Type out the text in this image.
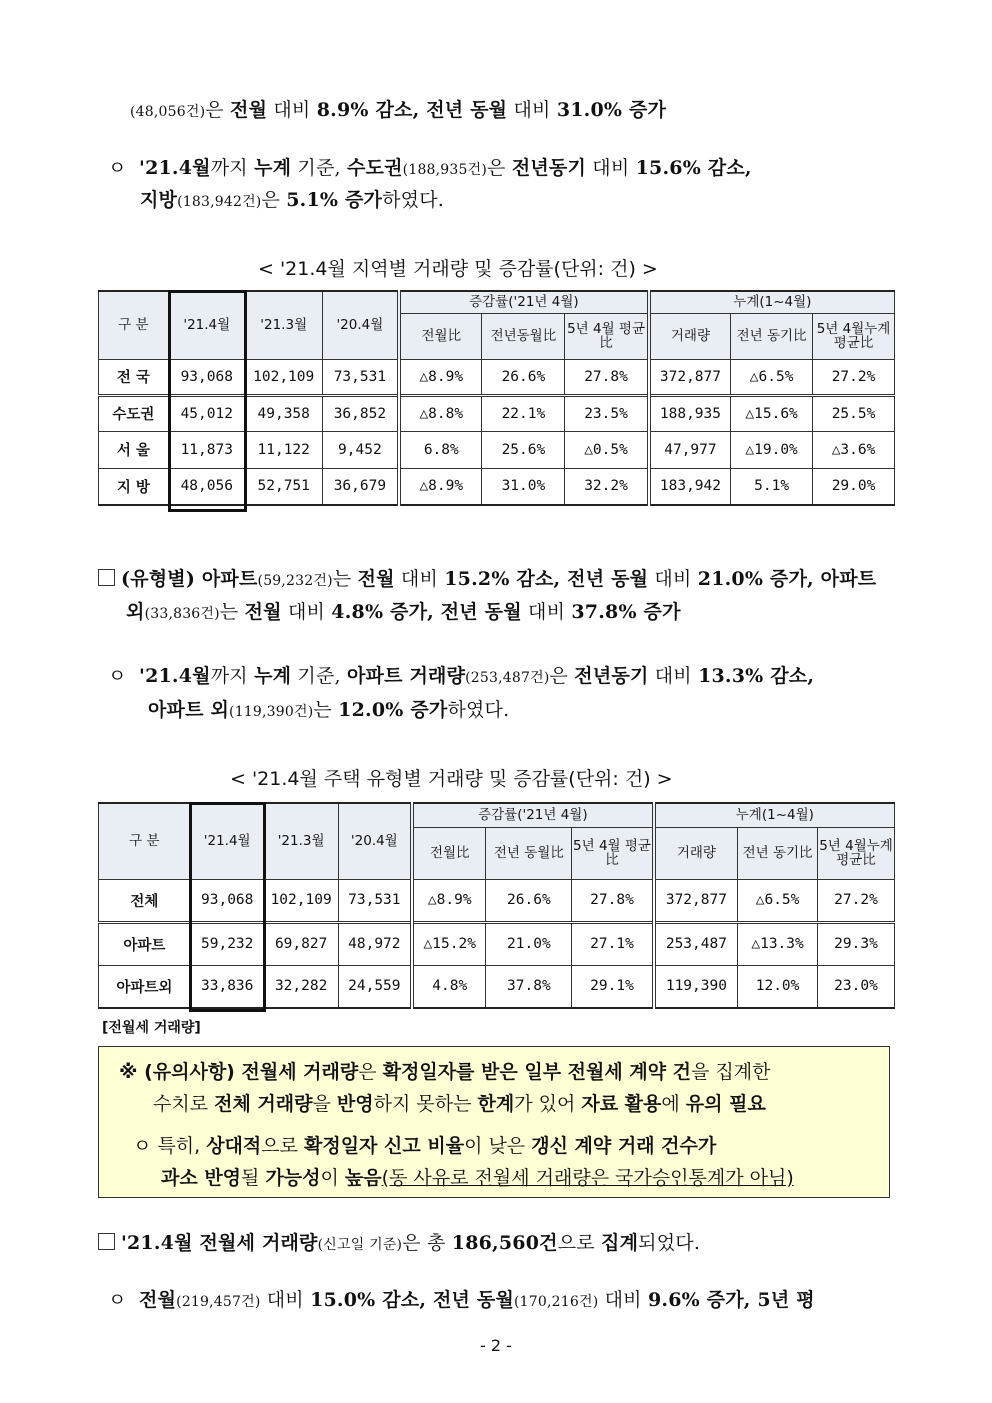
(48,056건)은 전월 대비 8.9% 감소, 전년 동월 대비 31.0% 증가
ㅇ '21.4월까지 누계 기준, 수도권(188,935건)은 전년동기 대비 15.6% 감소,
지방(183,942건)은 5.1% 증가하였다.
< '21.4월 지역별 거래량 및 증감률(단위: 건) >
구 분	'21.4월	'21.3월	'20.4월	증감률('21년 4월)			누계(1~4월)		
				전월比	전년동월比	5년 4월 평균比	거래량	전년 동기比	5년 4월누계평균比
전 국	93,068	102,109	73,531	△8.9%	26.6%	27.8%	372,877	△6.5%	27.2%
수도권	45,012	49,358	36,852	△8.8%	22.1%	23.5%	188,935	△15.6%	25.5%
서 울	11,873	11,122	9,452	6.8%	25.6%	△0.5%	47,977	△19.0%	△3.6%
지 방	48,056	52,751	36,679	△8.9%	31.0%	32.2%	183,942	5.1%	29.0%
(유형별) 아파트(59,232건)는 전월 대비 15.2% 감소, 전년 동월 대비 21.0% 증가, 아파트
외(33,836건)는 전월 대비 4.8% 증가, 전년 동월 대비 37.8% 증가
ㅇ '21.4월까지 누계 기준, 아파트 거래량(253,487건)은 전년동기 대비 13.3% 감소,
아파트 외(119,390건)는 12.0% 증가하였다.
< '21.4월 주택 유형별 거래량 및 증감률(단위: 건) >
구 분	'21.4월	'21.3월	'20.4월	증감률('21년 4월)			누계(1~4월)		
				전월比	전년 동월比	5년 4월 평균比	거래량	전년 동기比	5년 4월누계 평균比
전체	93,068	102,109	73,531	△8.9%	26.6%	27.8%	372,877	△6.5%	27.2%
아파트	59,232	69,827	48,972	△15.2%	21.0%	27.1%	253,487	△13.3%	29.3%
아파트외	33,836	32,282	24,559	4.8%	37.8%	29.1%	119,390	12.0%	23.0%
[전월세 거래량]
※ (유의사항) 전월세 거래량은 확정일자를 받은 일부 전월세 계약 건을 집계한
수치로 전체 거래량을 반영하지 못하는 한계가 있어 자료 활용에 유의 필요
ㅇ 특히, 상대적으로 확정일자 신고 비율이 낮은 갱신 계약 거래 건수가
과소 반영될 가능성이 높음(동 사유로 전월세 거래량은 국가승인통계가 아님)
'21.4월 전월세 거래량(신고일 기준)은 총 186,560건으로 집계되었다.
ㅇ 전월(219,457건) 대비 15.0% 감소, 전년 동월(170,216건) 대비 9.6% 증가, 5년 평
- 2 -
